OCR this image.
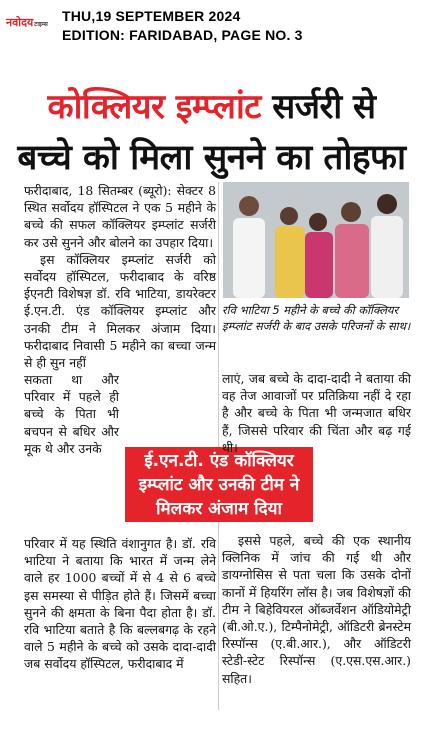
नवोदयटाइम्स
THU,19 SEPTEMBER 2024
EDITION: FARIDABAD, PAGE NO. 3
कोक्लियर इम्प्लांट सर्जरी से
बच्चे को मिला सुनने का तोहफा

फरीदाबाद, 18 सितम्बर (ब्यूरो): सेक्टर 8 स्थित सर्वोदय हॉस्पिटल ने एक 5 महीने के बच्चे की सफल कॉक्लियर इम्प्लांट सर्जरी कर उसे सुनने और बोलने का उपहार दिया।

इस कॉक्लियर इम्प्लांट सर्जरी को सर्वोदय हॉस्पिटल, फरीदाबाद के वरिष्ठ ईएनटी विशेषज्ञ डॉ. रवि भाटिया, डायरेक्टर ई.एन.टी. एंड कॉक्लियर इम्प्लांट और उनकी टीम ने मिलकर अंजाम दिया। फरीदाबाद निवासी 5 महीने का बच्चा जन्म से ही सुन नहीं

रवि भाटिया 5 महीने के बच्चे की कॉक्लियर इम्प्लांट सर्जरी के बाद उसके परिजनों के साथ।

सकता था और परिवार में पहले ही बच्चे के पिता भी बचपन से बधिर और मूक थे और उनके

ई.एन.टी. एंड कॉक्लियर इम्प्लांट और उनकी टीम ने मिलकर अंजाम दिया

परिवार में यह स्थिति वंशानुगत है। डॉ. रवि भाटिया ने बताया कि भारत में जन्म लेने वाले हर 1000 बच्चों में से 4 से 6 बच्चे इस समस्या से पीड़ित होते हैं। जिसमें बच्चा सुनने की क्षमता के बिना पैदा होता है। डॉ. रवि भाटिया बताते है कि बल्लबगढ़ के रहने वाले 5 महीने के बच्चे को उसके दादा-दादी जब सर्वोदय हॉस्पिटल, फरीदाबाद में

लाएं, जब बच्चे के दादा-दादी ने बताया की वह तेज आवाजों पर प्रतिक्रिया नहीं दे रहा है और बच्चे के पिता भी जन्मजात बधिर हैं, जिससे परिवार की चिंता और बढ़ गई थी।

इससे पहले, बच्चे की एक स्थानीय क्लिनिक में जांच की गई थी और डायग्नोसिस से पता चला कि उसके दोनों कानों में हियरिंग लॉस है। जब विशेषज्ञों की टीम ने बिहेवियरल ऑब्जर्वेशन ऑडियोमेट्री (बी.ओ.ए.), टिम्पैनोमेट्री, ऑडिटरी ब्रेनस्टेम रिस्पॉन्स (ए.बी.आर.), और ऑडिटरी स्टेडी-स्टेट रिस्पॉन्स (ए.एस.एस.आर.) सहित।
